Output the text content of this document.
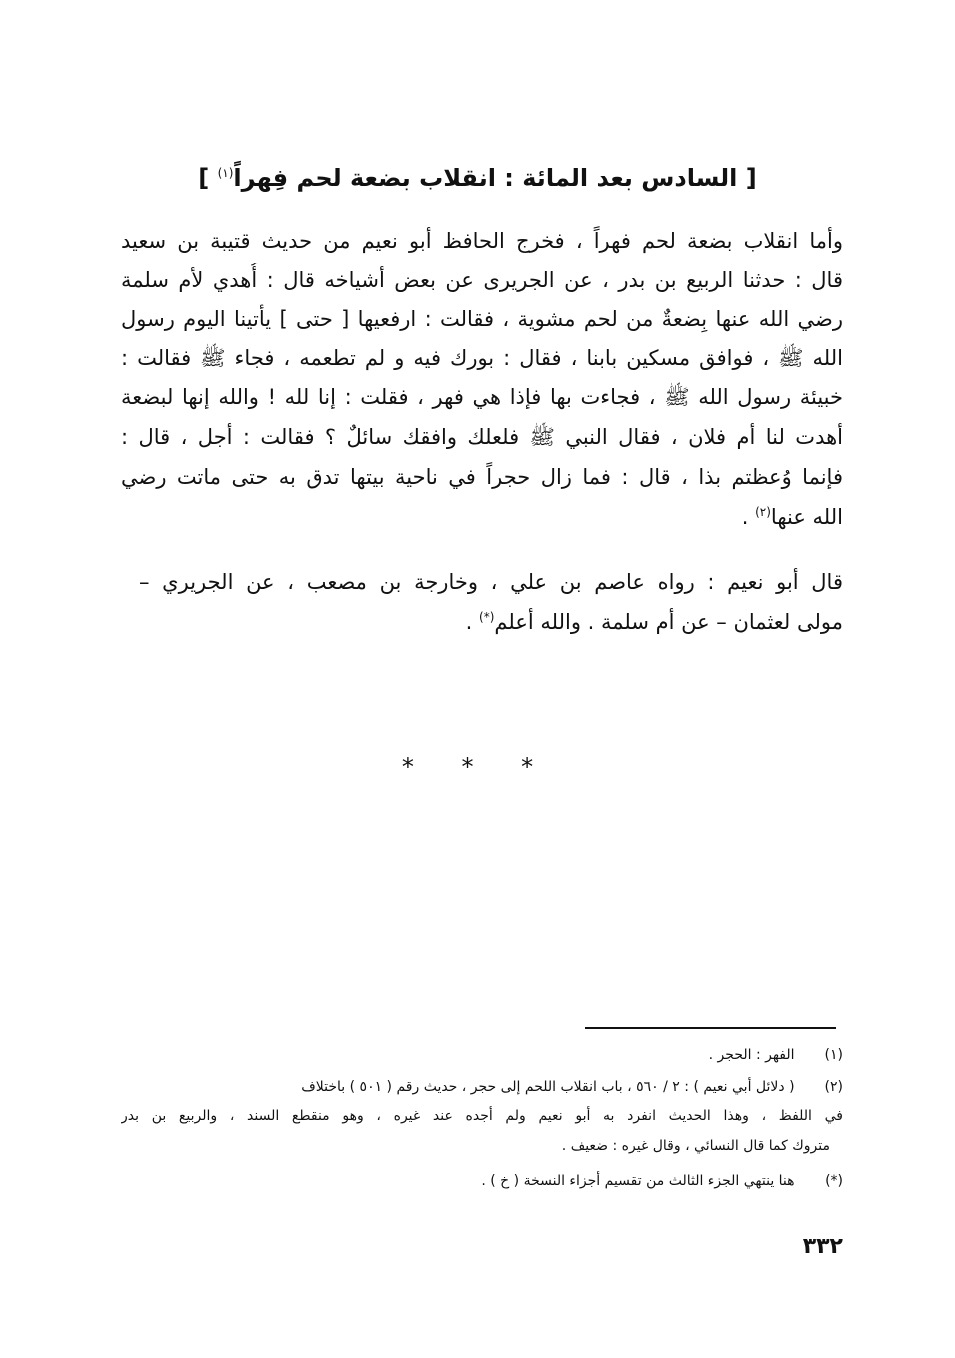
[ السادس بعد المائة : انقلاب بضعة لحم فِهراً$^{(١)}$ ]
وأما انقلاب بضعة لحم فهراً ، فخرج الحافظ أبو نعيم من حديث قتيبة بن سعيد
قال : حدثنا الربيع بن بدر ، عن الجريرى عن بعض أشياخه قال : أُهدي لأم سلمة
رضي الله عنها بِضعةٌ من لحم مشوية ، فقالت : ارفعيها [ حتى ] يأتينا اليوم رسول
الله ﷺ ، فوافق مسكين بابنا ، فقال : بورك فيه و لم تطعمه ، فجاء ﷺ فقالت :
خبيئة رسول الله ﷺ ، فجاءت بها فإذا هي فهر ، فقلت : إنا لله ! والله إنها لبضعة
أهدت لنا أم فلان ، فقال النبي ﷺ فلعلك وافقك سائلٌ ؟ فقالت : أجل ، قال :
فإنما وُعظتم بذا ، قال : فما زال حجراً في ناحية بيتها تدق به حتى ماتت رضي
الله عنها$^{(٢)}$ .
قال أبو نعيم : رواه عاصم بن علي ، وخارجة بن مصعب ، عن الجريري –
مولى لعثمان – عن أم سلمة . والله أعلم(*) .
* * *
(١) الفهر : الحجر .
(٢) ( دلائل أبي نعيم ) : ٢ / ٥٦٠ ، باب انقلاب اللحم إلى حجر ، حديث رقم ( ٥٠١ ) باختلاف
في اللفظ ، وهذا الحديث انفرد به أبو نعيم ولم أجده عند غيره ، وهو منقطع السند ، والربيع بن بدر
متروك كما قال النسائي ، وقال غيره : ضعيف .
(*) هنا ينتهي الجزء الثالث من تقسيم أجزاء النسخة ( خ ) .
٣٣٢
